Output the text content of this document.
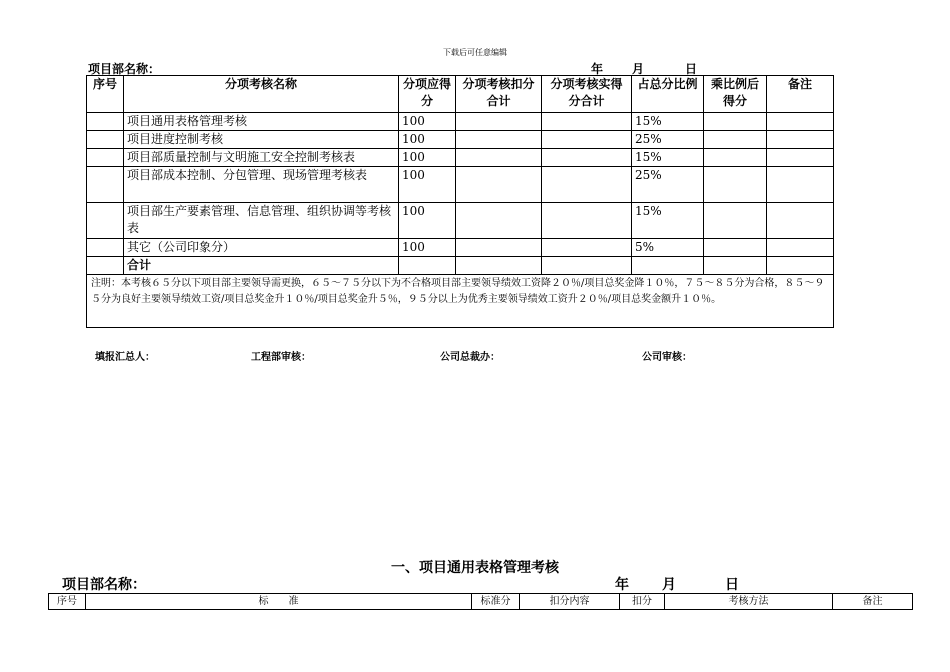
下载后可任意编辑
项目部名称：	年 月	日
序号	分项考核名称	分项应得分	分项考核扣分合计	分项考核实得分合计	占总分比例	乘比例后得分	备注
	项目通用表格管理考核	100			15%		
	项目进度控制考核	100			25%		
	项目部质量控制与文明施工安全控制考核表	100			15%		
	项目部成本控制、分包管理、现场管理考核表	100			25%		
	项目部生产要素管理、信息管理、组织协调等考核表	100			15%		
	其它（公司印象分）	100			5%		
	合计						
注明：本考核６５分以下项目部主要领导需更换，６５～７５分以下为不合格项目部主要领导绩效工资降２０％/项目总奖金降１０％，７５～８５分为合格，８５～９５分为良好主要领导绩效工资/项目总奖金升１０％/项目总奖金升５％，９５分以上为优秀主要领导绩效工资升２０％/项目总奖金额升１０％。							
填报汇总人：	工程部审核：	公司总裁办：	公司审核：
一、项目通用表格管理考核
项目部名称：	年 月	日
序号	标　　准	标准分	扣分内容	扣分	考核方法	备注
